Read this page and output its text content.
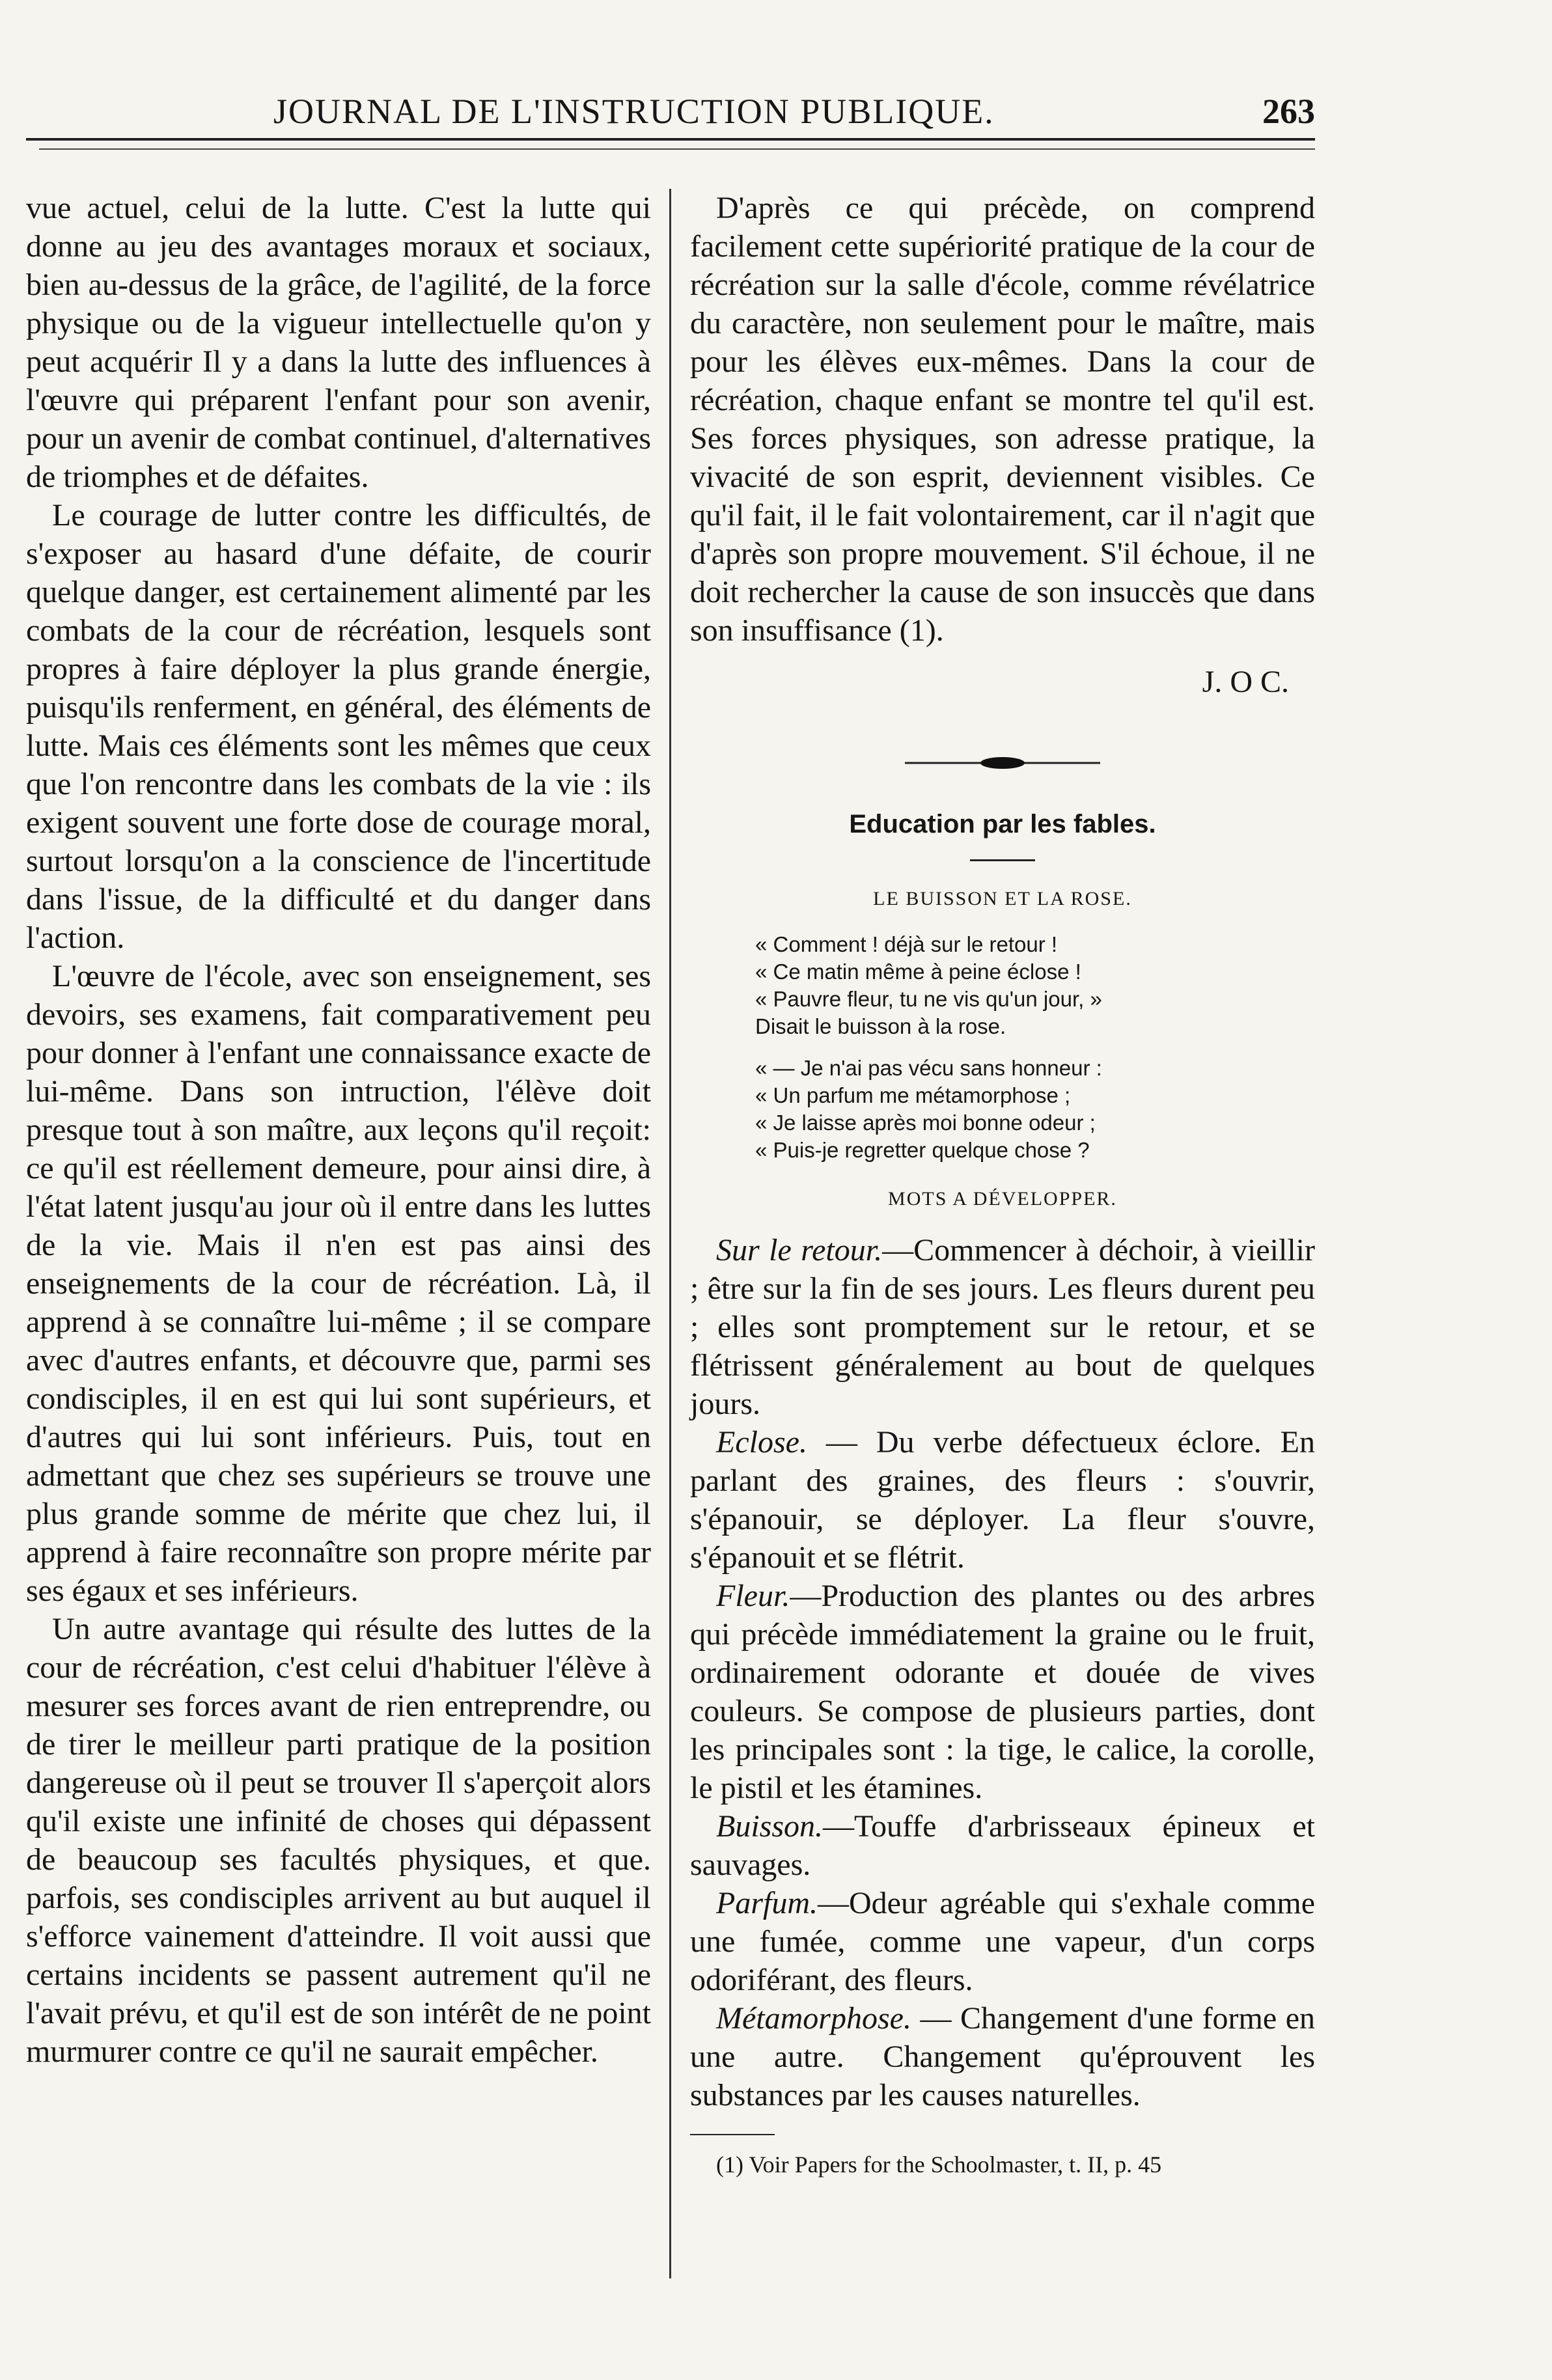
JOURNAL DE L'INSTRUCTION PUBLIQUE.	263

vue actuel, celui de la lutte. C'est la lutte qui donne au jeu des avantages moraux et sociaux, bien au-dessus de la grâce, de l'agilité, de la force physique ou de la vigueur intellectuelle qu'on y peut acquérir Il y a dans la lutte des influences à l'œuvre qui préparent l'enfant pour son avenir, pour un avenir de combat continuel, d'alternatives de triomphes et de défaites.

Le courage de lutter contre les difficultés, de s'exposer au hasard d'une défaite, de courir quelque danger, est certainement alimenté par les combats de la cour de récréation, lesquels sont propres à faire déployer la plus grande énergie, puisqu'ils renferment, en général, des éléments de lutte. Mais ces éléments sont les mêmes que ceux que l'on rencontre dans les combats de la vie : ils exigent souvent une forte dose de courage moral, surtout lorsqu'on a la conscience de l'incertitude dans l'issue, de la difficulté et du danger dans l'action.

L'œuvre de l'école, avec son enseignement, ses devoirs, ses examens, fait comparativement peu pour donner à l'enfant une connaissance exacte de lui-même. Dans son intruction, l'élève doit presque tout à son maître, aux leçons qu'il reçoit: ce qu'il est réellement demeure, pour ainsi dire, à l'état latent jusqu'au jour où il entre dans les luttes de la vie. Mais il n'en est pas ainsi des enseignements de la cour de récréation. Là, il apprend à se connaître lui-même ; il se compare avec d'autres enfants, et découvre que, parmi ses condisciples, il en est qui lui sont supérieurs, et d'autres qui lui sont inférieurs. Puis, tout en admettant que chez ses supérieurs se trouve une plus grande somme de mérite que chez lui, il apprend à faire reconnaître son propre mérite par ses égaux et ses inférieurs.

Un autre avantage qui résulte des luttes de la cour de récréation, c'est celui d'habituer l'élève à mesurer ses forces avant de rien entreprendre, ou de tirer le meilleur parti pratique de la position dangereuse où il peut se trouver Il s'aperçoit alors qu'il existe une infinité de choses qui dépassent de beaucoup ses facultés physiques, et que. parfois, ses condisciples arrivent au but auquel il s'efforce vainement d'atteindre. Il voit aussi que certains incidents se passent autrement qu'il ne l'avait prévu, et qu'il est de son intérêt de ne point murmurer contre ce qu'il ne saurait empêcher.

D'après ce qui précède, on comprend facilement cette supériorité pratique de la cour de récréation sur la salle d'école, comme révélatrice du caractère, non seulement pour le maître, mais pour les élèves eux-mêmes. Dans la cour de récréation, chaque enfant se montre tel qu'il est. Ses forces physiques, son adresse pratique, la vivacité de son esprit, deviennent visibles. Ce qu'il fait, il le fait volontairement, car il n'agit que d'après son propre mouvement. S'il échoue, il ne doit rechercher la cause de son insuccès que dans son insuffisance (1).

J. O C.
Education par les fables.
LE BUISSON ET LA ROSE.
« Comment ! déjà sur le retour !
« Ce matin même à peine éclose !
« Pauvre fleur, tu ne vis qu'un jour, »
Disait le buisson à la rose.
« — Je n'ai pas vécu sans honneur :
« Un parfum me métamorphose ;
« Je laisse après moi bonne odeur ;
« Puis-je regretter quelque chose ?
MOTS A DÉVELOPPER.

Sur le retour.—Commencer à déchoir, à vieillir ; être sur la fin de ses jours. Les fleurs durent peu ; elles sont promptement sur le retour, et se flétrissent généralement au bout de quelques jours.

Eclose. — Du verbe défectueux éclore. En parlant des graines, des fleurs : s'ouvrir, s'épanouir, se déployer. La fleur s'ouvre, s'épanouit et se flétrit.

Fleur.—Production des plantes ou des arbres qui précède immédiatement la graine ou le fruit, ordinairement odorante et douée de vives couleurs. Se compose de plusieurs parties, dont les principales sont : la tige, le calice, la corolle, le pistil et les étamines.

Buisson.—Touffe d'arbrisseaux épineux et sauvages.

Parfum.—Odeur agréable qui s'exhale comme une fumée, comme une vapeur, d'un corps odoriférant, des fleurs.

Métamorphose. — Changement d'une forme en une autre. Changement qu'éprouvent les substances par les causes naturelles.

(1) Voir Papers for the Schoolmaster, t. II, p. 45
